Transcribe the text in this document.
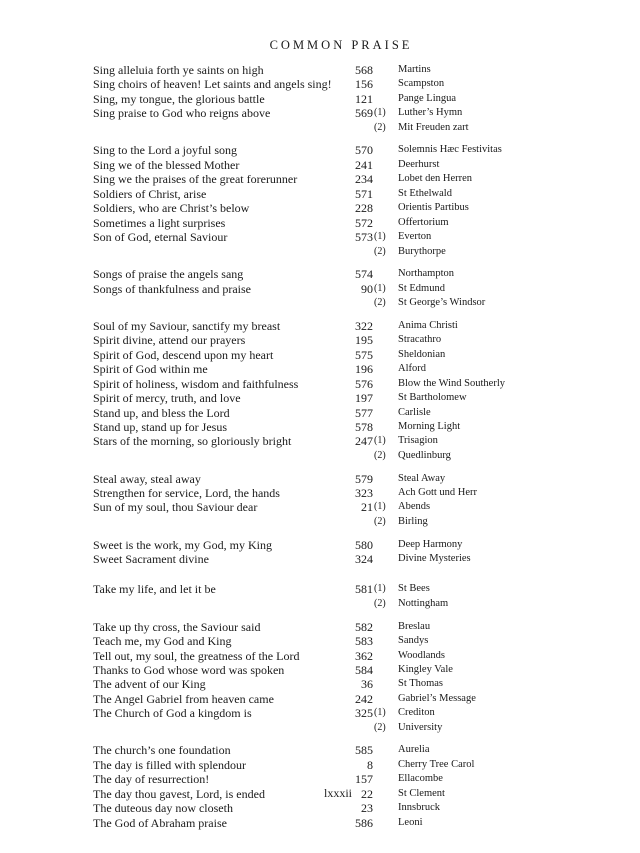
COMMON PRAISE
Sing alleluia forth ye saints on high	568 Martins
Sing choirs of heaven! Let saints and angels sing!	156 Scampston
Sing, my tongue, the glorious battle	121 Pange Lingua
Sing praise to God who reigns above	569 (1) Luther’s Hymn
(2) Mit Freuden zart
Sing to the Lord a joyful song	570 Solemnis Hæc Festivitas
Sing we of the blessed Mother	241 Deerhurst
Sing we the praises of the great forerunner	234 Lobet den Herren
Soldiers of Christ, arise	571 St Ethelwald
Soldiers, who are Christ’s below	228 Orientis Partibus
Sometimes a light surprises	572 Offertorium
Son of God, eternal Saviour	573 (1) Everton
(2) Burythorpe
Songs of praise the angels sang	574 Northampton
Songs of thankfulness and praise	90 (1) St Edmund
(2) St George’s Windsor
Soul of my Saviour, sanctify my breast	322 Anima Christi
Spirit divine, attend our prayers	195 Stracathro
Spirit of God, descend upon my heart	575 Sheldonian
Spirit of God within me	196 Alford
Spirit of holiness, wisdom and faithfulness	576 Blow the Wind Southerly
Spirit of mercy, truth, and love	197 St Bartholomew
Stand up, and bless the Lord	577 Carlisle
Stand up, stand up for Jesus	578 Morning Light
Stars of the morning, so gloriously bright	247 (1) Trisagion
(2) Quedlinburg
Steal away, steal away	579 Steal Away
Strengthen for service, Lord, the hands	323 Ach Gott und Herr
Sun of my soul, thou Saviour dear	21 (1) Abends
(2) Birling
Sweet is the work, my God, my King	580 Deep Harmony
Sweet Sacrament divine	324 Divine Mysteries
Take my life, and let it be	581 (1) St Bees
(2) Nottingham
Take up thy cross, the Saviour said	582 Breslau
Teach me, my God and King	583 Sandys
Tell out, my soul, the greatness of the Lord	362 Woodlands
Thanks to God whose word was spoken	584 Kingley Vale
The advent of our King	36 St Thomas
The Angel Gabriel from heaven came	242 Gabriel’s Message
The Church of God a kingdom is	325 (1) Crediton
(2) University
The church’s one foundation	585 Aurelia
The day is filled with splendour	8 Cherry Tree Carol
The day of resurrection!	157 Ellacombe
The day thou gavest, Lord, is ended	22 St Clement
The duteous day now closeth	23 Innsbruck
The God of Abraham praise	586 Leoni
lxxxii
